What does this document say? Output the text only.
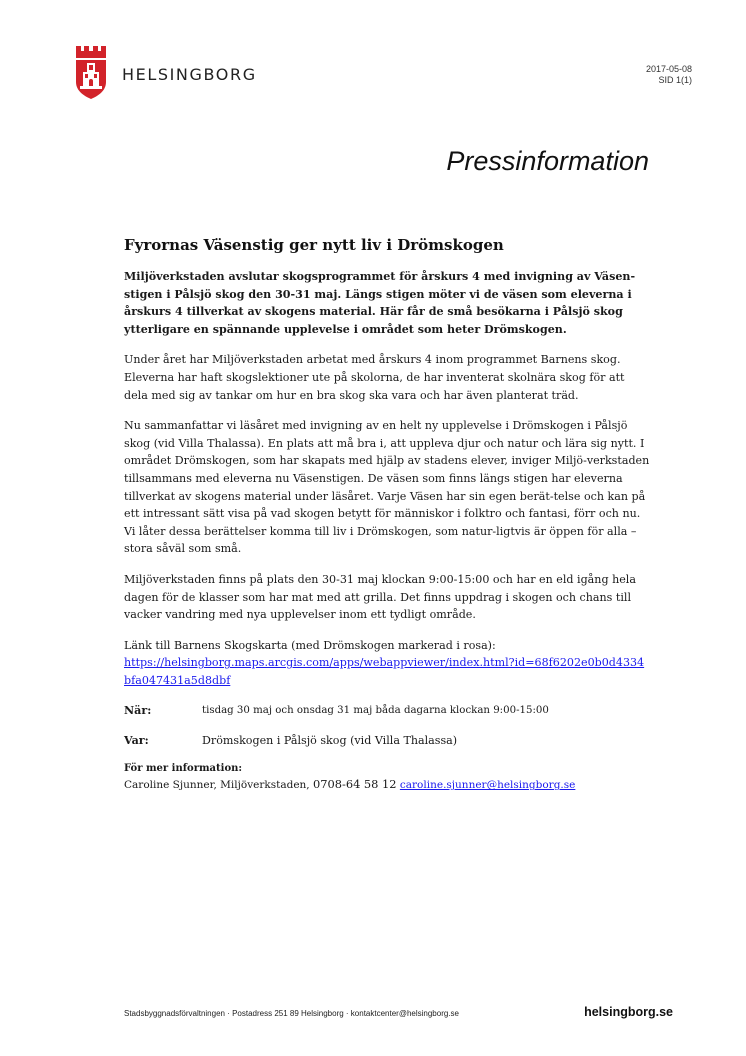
HELSINGBORG	2017-05-08
SID 1(1)
Pressinformation
Fyrornas Väsenstig ger nytt liv i Drömskogen

Miljöverkstaden avslutar skogsprogrammet för årskurs 4 med invigning av Väsen-stigen i Pålsjö skog den 30-31 maj. Längs stigen möter vi de väsen som eleverna i årskurs 4 tillverkat av skogens material. Här får de små besökarna i Pålsjö skog ytterligare en spännande upplevelse i området som heter Drömskogen.

Under året har Miljöverkstaden arbetat med årskurs 4 inom programmet Barnens skog. Eleverna har haft skogslektioner ute på skolorna, de har inventerat skolnära skog för att dela med sig av tankar om hur en bra skog ska vara och har även planterat träd.

Nu sammanfattar vi läsåret med invigning av en helt ny upplevelse i Drömskogen i Pålsjö skog (vid Villa Thalassa). En plats att må bra i, att uppleva djur och natur och lära sig nytt. I området Drömskogen, som har skapats med hjälp av stadens elever, inviger Miljö-verkstaden tillsammans med eleverna nu Väsenstigen. De väsen som finns längs stigen har eleverna tillverkat av skogens material under läsåret. Varje Väsen har sin egen berät-telse och kan på ett intressant sätt visa på vad skogen betytt för människor i folktro och fantasi, förr och nu. Vi låter dessa berättelser komma till liv i Drömskogen, som natur-ligtvis är öppen för alla – stora såväl som små.

Miljöverkstaden finns på plats den 30-31 maj klockan 9:00-15:00 och har en eld igång hela dagen för de klasser som har mat med att grilla. Det finns uppdrag i skogen och chans till vacker vandring med nya upplevelser inom ett tydligt område.

Länk till Barnens Skogskarta (med Drömskogen markerad i rosa):
https://helsingborg.maps.arcgis.com/apps/webappviewer/index.html?id=68f6202e0b0d4334bfa047431a5d8dbf

När:	tisdag 30 maj och onsdag 31 maj båda dagarna klockan 9:00-15:00
Var:	Drömskogen i Pålsjö skog (vid Villa Thalassa)
För mer information:
Caroline Sjunner, Miljöverkstaden, 0708-64 58 12 caroline.sjunner@helsingborg.se
Stadsbyggnadsförvaltningen · Postadress 251 89 Helsingborg · kontaktcenter@helsingborg.se	helsingborg.se
